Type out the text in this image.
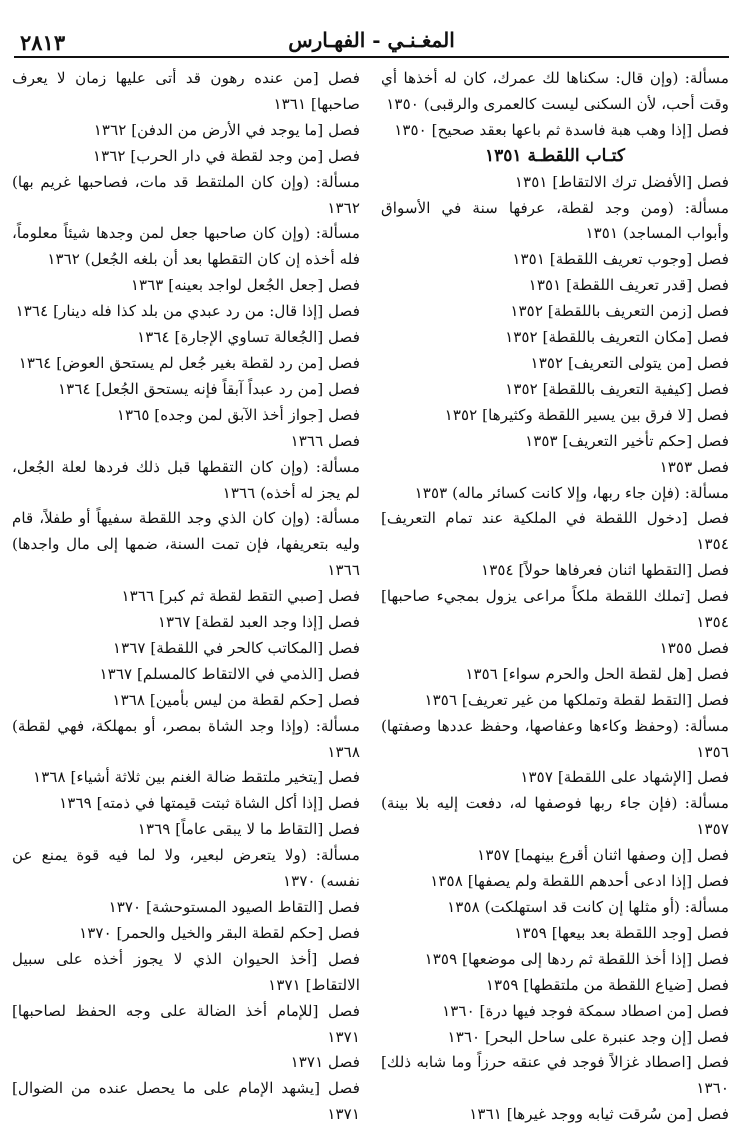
٢٨١٣	المغـنـي - الفهـارس

مسألة: (وإن قال: سكناها لك عمرك، كان له أخذها أي وقت أحب، لأن السكنى ليست كالعمرى والرقبى) ١٣٥٠

فصل [إذا وهب هبة فاسدة ثم باعها بعقد صحيح] ١٣٥٠

كتـاب اللقطـة ١٣٥١

فصل [الأفضل ترك الالتقاط] ١٣٥١

مسألة: (ومن وجد لقطة، عرفها سنة في الأسواق وأبواب المساجد) ١٣٥١

فصل [وجوب تعريف اللقطة] ١٣٥١

فصل [قدر تعريف اللقطة] ١٣٥١

فصل [زمن التعريف باللقطة] ١٣٥٢

فصل [مكان التعريف باللقطة] ١٣٥٢

فصل [من يتولى التعريف] ١٣٥٢

فصل [كيفية التعريف باللقطة] ١٣٥٢

فصل [لا فرق بين يسير اللقطة وكثيرها] ١٣٥٢

فصل [حكم تأخير التعريف] ١٣٥٣

فصل ١٣٥٣

مسألة: (فإن جاء ربها، وإلا كانت كسائر ماله) ١٣٥٣

فصل [دخول اللقطة في الملكية عند تمام التعريف] ١٣٥٤

فصل [التقطها اثنان فعرفاها حولاً] ١٣٥٤

فصل [تملك اللقطة ملكاً مراعى يزول بمجيء صاحبها] ١٣٥٤

فصل ١٣٥٥

فصل [هل لقطة الحل والحرم سواء] ١٣٥٦

فصل [التقط لقطة وتملكها من غير تعريف] ١٣٥٦

مسألة: (وحفظ وكاءها وعفاصها، وحفظ عددها وصفتها) ١٣٥٦

فصل [الإشهاد على اللقطة] ١٣٥٧

مسألة: (فإن جاء ربها فوصفها له، دفعت إليه بلا بينة) ١٣٥٧

فصل [إن وصفها اثنان أقرع بينهما] ١٣٥٧

فصل [إذا ادعى أحدهم اللقطة ولم يصفها] ١٣٥٨

مسألة: (أو مثلها إن كانت قد استهلكت) ١٣٥٨

فصل [وجد اللقطة بعد بيعها] ١٣٥٩

فصل [إذا أخذ اللقطة ثم ردها إلى موضعها] ١٣٥٩

فصل [ضياع اللقطة من ملتقطها] ١٣٥٩

فصل [من اصطاد سمكة فوجد فيها درة] ١٣٦٠

فصل [إن وجد عنبرة على ساحل البحر] ١٣٦٠

فصل [اصطاد غزالاً فوجد في عنقه حرزاً وما شابه ذلك] ١٣٦٠

فصل [من سُرقت ثيابه ووجد غيرها] ١٣٦١

فصل [من عنده رهون قد أتى عليها زمان لا يعرف صاحبها] ١٣٦١

فصل [ما يوجد في الأرض من الدفن] ١٣٦٢

فصل [من وجد لقطة في دار الحرب] ١٣٦٢

مسألة: (وإن كان الملتقط قد مات، فصاحبها غريم بها) ١٣٦٢

مسألة: (وإن كان صاحبها جعل لمن وجدها شيئاً معلوماً، فله أخذه إن كان التقطها بعد أن بلغه الجُعل) ١٣٦٢

فصل [جعل الجُعل لواجد بعينه] ١٣٦٣

فصل [إذا قال: من رد عبدي من بلد كذا فله دينار] ١٣٦٤

فصل [الجُعالة تساوي الإجارة] ١٣٦٤

فصل [من رد لقطة بغير جُعل لم يستحق العوض] ١٣٦٤

فصل [من رد عبداً آبقاً فإنه يستحق الجُعل] ١٣٦٤

فصل [جواز أخذ الآبق لمن وجده] ١٣٦٥

فصل ١٣٦٦

مسألة: (وإن كان التقطها قبل ذلك فردها لعلة الجُعل، لم يجز له أخذه) ١٣٦٦

مسألة: (وإن كان الذي وجد اللقطة سفيهاً أو طفلاً، قام وليه بتعريفها، فإن تمت السنة، ضمها إلى مال واجدها) ١٣٦٦

فصل [صبي التقط لقطة ثم كبر] ١٣٦٦

فصل [إذا وجد العبد لقطة] ١٣٦٧

فصل [المكاتب كالحر في اللقطة] ١٣٦٧

فصل [الذمي في الالتقاط كالمسلم] ١٣٦٧

فصل [حكم لقطة من ليس بأمين] ١٣٦٨

مسألة: (وإذا وجد الشاة بمصر، أو بمهلكة، فهي لقطة) ١٣٦٨

فصل [يتخير ملتقط ضالة الغنم بين ثلاثة أشياء] ١٣٦٨

فصل [إذا أكل الشاة ثبتت قيمتها في ذمته] ١٣٦٩

فصل [التقاط ما لا يبقى عاماً] ١٣٦٩

مسألة: (ولا يتعرض لبعير، ولا لما فيه قوة يمنع عن نفسه) ١٣٧٠

فصل [التقاط الصيود المستوحشة] ١٣٧٠

فصل [حكم لقطة البقر والخيل والحمر] ١٣٧٠

فصل [أخذ الحيوان الذي لا يجوز أخذه على سبيل الالتقاط] ١٣٧١

فصل [للإمام أخذ الضالة على وجه الحفظ لصاحبها] ١٣٧١

فصل ١٣٧١

فصل [يشهد الإمام على ما يحصل عنده من الضوال] ١٣٧١
